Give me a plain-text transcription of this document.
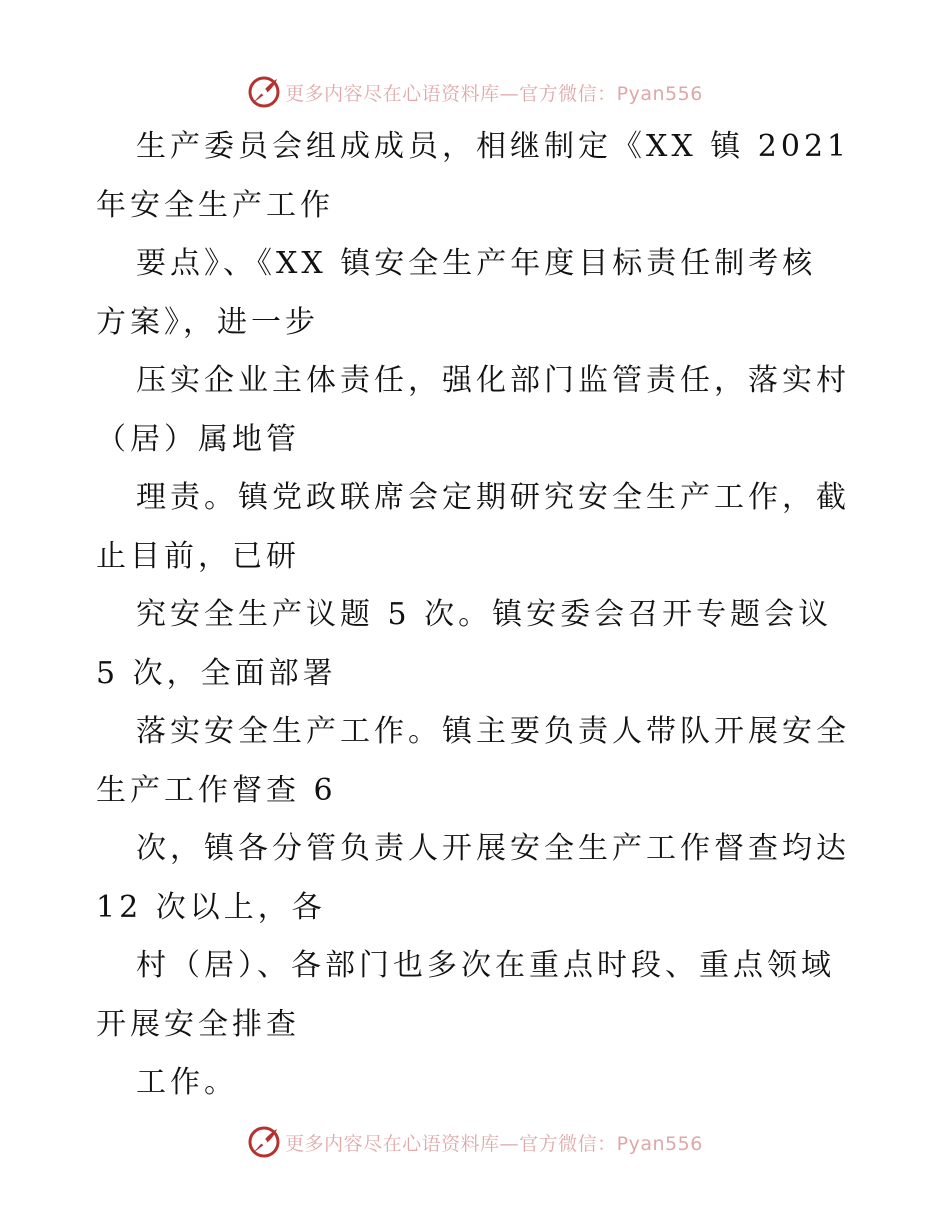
更多内容尽在心语资料库—官方微信：Pyan556
生产委员会组成成员，相继制定《XX 镇 2021
年安全生产工作
要点》、《XX 镇安全生产年度目标责任制考核
方案》，进一步
压实企业主体责任，强化部门监管责任，落实村
（居）属地管
理责。镇党政联席会定期研究安全生产工作，截
止目前，已研
究安全生产议题 5 次。镇安委会召开专题会议
5 次，全面部署
落实安全生产工作。镇主要负责人带队开展安全
生产工作督查 6
次，镇各分管负责人开展安全生产工作督查均达
12 次以上，各
村（居）、各部门也多次在重点时段、重点领域
开展安全排查
工作。
更多内容尽在心语资料库—官方微信：Pyan556
